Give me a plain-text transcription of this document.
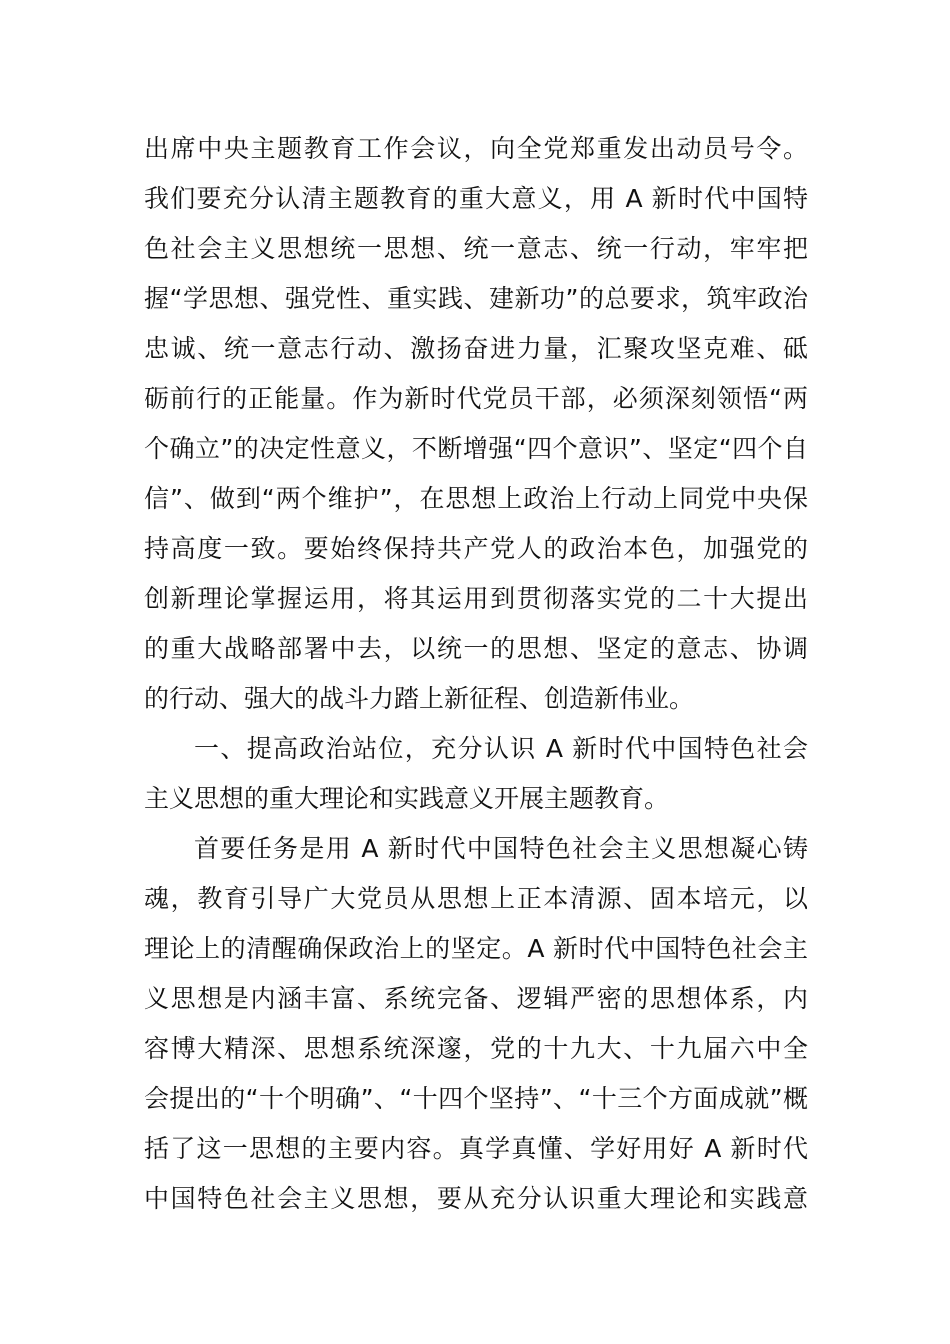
出席中央主题教育工作会议，向全党郑重发出动员号令。
我们要充分认清主题教育的重大意义，用 A 新时代中国特
色社会主义思想统一思想、统一意志、统一行动，牢牢把
握“学思想、强党性、重实践、建新功”的总要求，筑牢政治
忠诚、统一意志行动、激扬奋进力量，汇聚攻坚克难、砥
砺前行的正能量。作为新时代党员干部，必须深刻领悟“两
个确立”的决定性意义，不断增强“四个意识”、坚定“四个自
信”、做到“两个维护”，在思想上政治上行动上同党中央保
持高度一致。要始终保持共产党人的政治本色，加强党的
创新理论掌握运用，将其运用到贯彻落实党的二十大提出
的重大战略部署中去，以统一的思想、坚定的意志、协调
的行动、强大的战斗力踏上新征程、创造新伟业。
一、提高政治站位，充分认识 A 新时代中国特色社会
主义思想的重大理论和实践意义开展主题教育。
首要任务是用 A 新时代中国特色社会主义思想凝心铸
魂，教育引导广大党员从思想上正本清源、固本培元，以
理论上的清醒确保政治上的坚定。A 新时代中国特色社会主
义思想是内涵丰富、系统完备、逻辑严密的思想体系，内
容博大精深、思想系统深邃，党的十九大、十九届六中全
会提出的“十个明确”、“十四个坚持”、“十三个方面成就”概
括了这一思想的主要内容。真学真懂、学好用好 A 新时代
中国特色社会主义思想，要从充分认识重大理论和实践意
